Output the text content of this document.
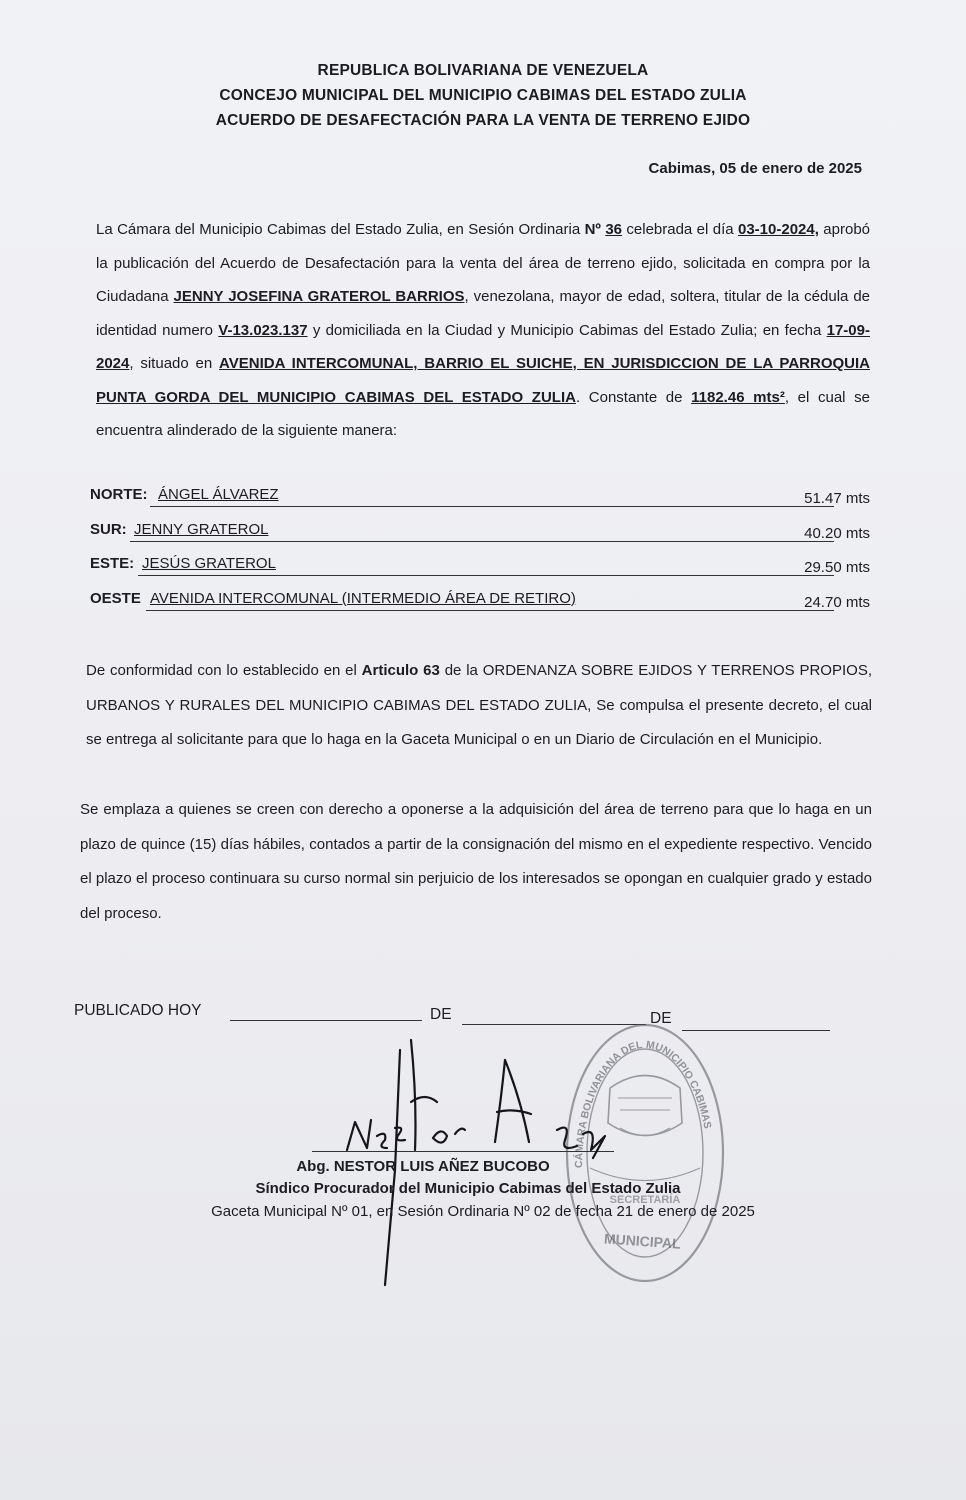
REPUBLICA BOLIVARIANA DE VENEZUELA
CONCEJO MUNICIPAL DEL MUNICIPIO CABIMAS DEL ESTADO ZULIA
ACUERDO DE DESAFECTACIÓN PARA LA VENTA DE TERRENO EJIDO
Cabimas, 05 de enero de 2025
La Cámara del Municipio Cabimas del Estado Zulia, en Sesión Ordinaria Nº 36 celebrada el día 03-10-2024, aprobó la publicación del Acuerdo de Desafectación para la venta del área de terreno ejido, solicitada en compra por la Ciudadana JENNY JOSEFINA GRATEROL BARRIOS, venezolana, mayor de edad, soltera, titular de la cédula de identidad numero V-13.023.137 y domiciliada en la Ciudad y Municipio Cabimas del Estado Zulia; en fecha 17-09-2024, situado en AVENIDA INTERCOMUNAL, BARRIO EL SUICHE, EN JURISDICCION DE LA PARROQUIA PUNTA GORDA DEL MUNICIPIO CABIMAS DEL ESTADO ZULIA. Constante de 1182.46 mts², el cual se encuentra alinderado de la siguiente manera:
NORTE: ÁNGEL ÁLVAREZ	51.47 mts
SUR: JENNY GRATEROL	40.20 mts
ESTE: JESÚS GRATEROL	29.50 mts
OESTE AVENIDA INTERCOMUNAL (INTERMEDIO ÁREA DE RETIRO)	24.70 mts
De conformidad con lo establecido en el Articulo 63 de la ORDENANZA SOBRE EJIDOS Y TERRENOS PROPIOS, URBANOS Y RURALES DEL MUNICIPIO CABIMAS DEL ESTADO ZULIA, Se compulsa el presente decreto, el cual se entrega al solicitante para que lo haga en la Gaceta Municipal o en un Diario de Circulación en el Municipio.
Se emplaza a quienes se creen con derecho a oponerse a la adquisición del área de terreno para que lo haga en un plazo de quince (15) días hábiles, contados a partir de la consignación del mismo en el expediente respectivo. Vencido el plazo el proceso continuara su curso normal sin perjuicio de los interesados se opongan en cualquier grado y estado del proceso.
PUBLICADO HOY	DE	DE
CÁMARA BOLIVARIANA DEL MUNICIPIO CABIMAS
SECRETARÍA
MUNICIPAL
Abg. NESTOR LUIS AÑEZ BUCOBO
Síndico Procurador del Municipio Cabimas del Estado Zulia
Gaceta Municipal Nº 01, en Sesión Ordinaria Nº 02 de fecha 21 de enero de 2025
